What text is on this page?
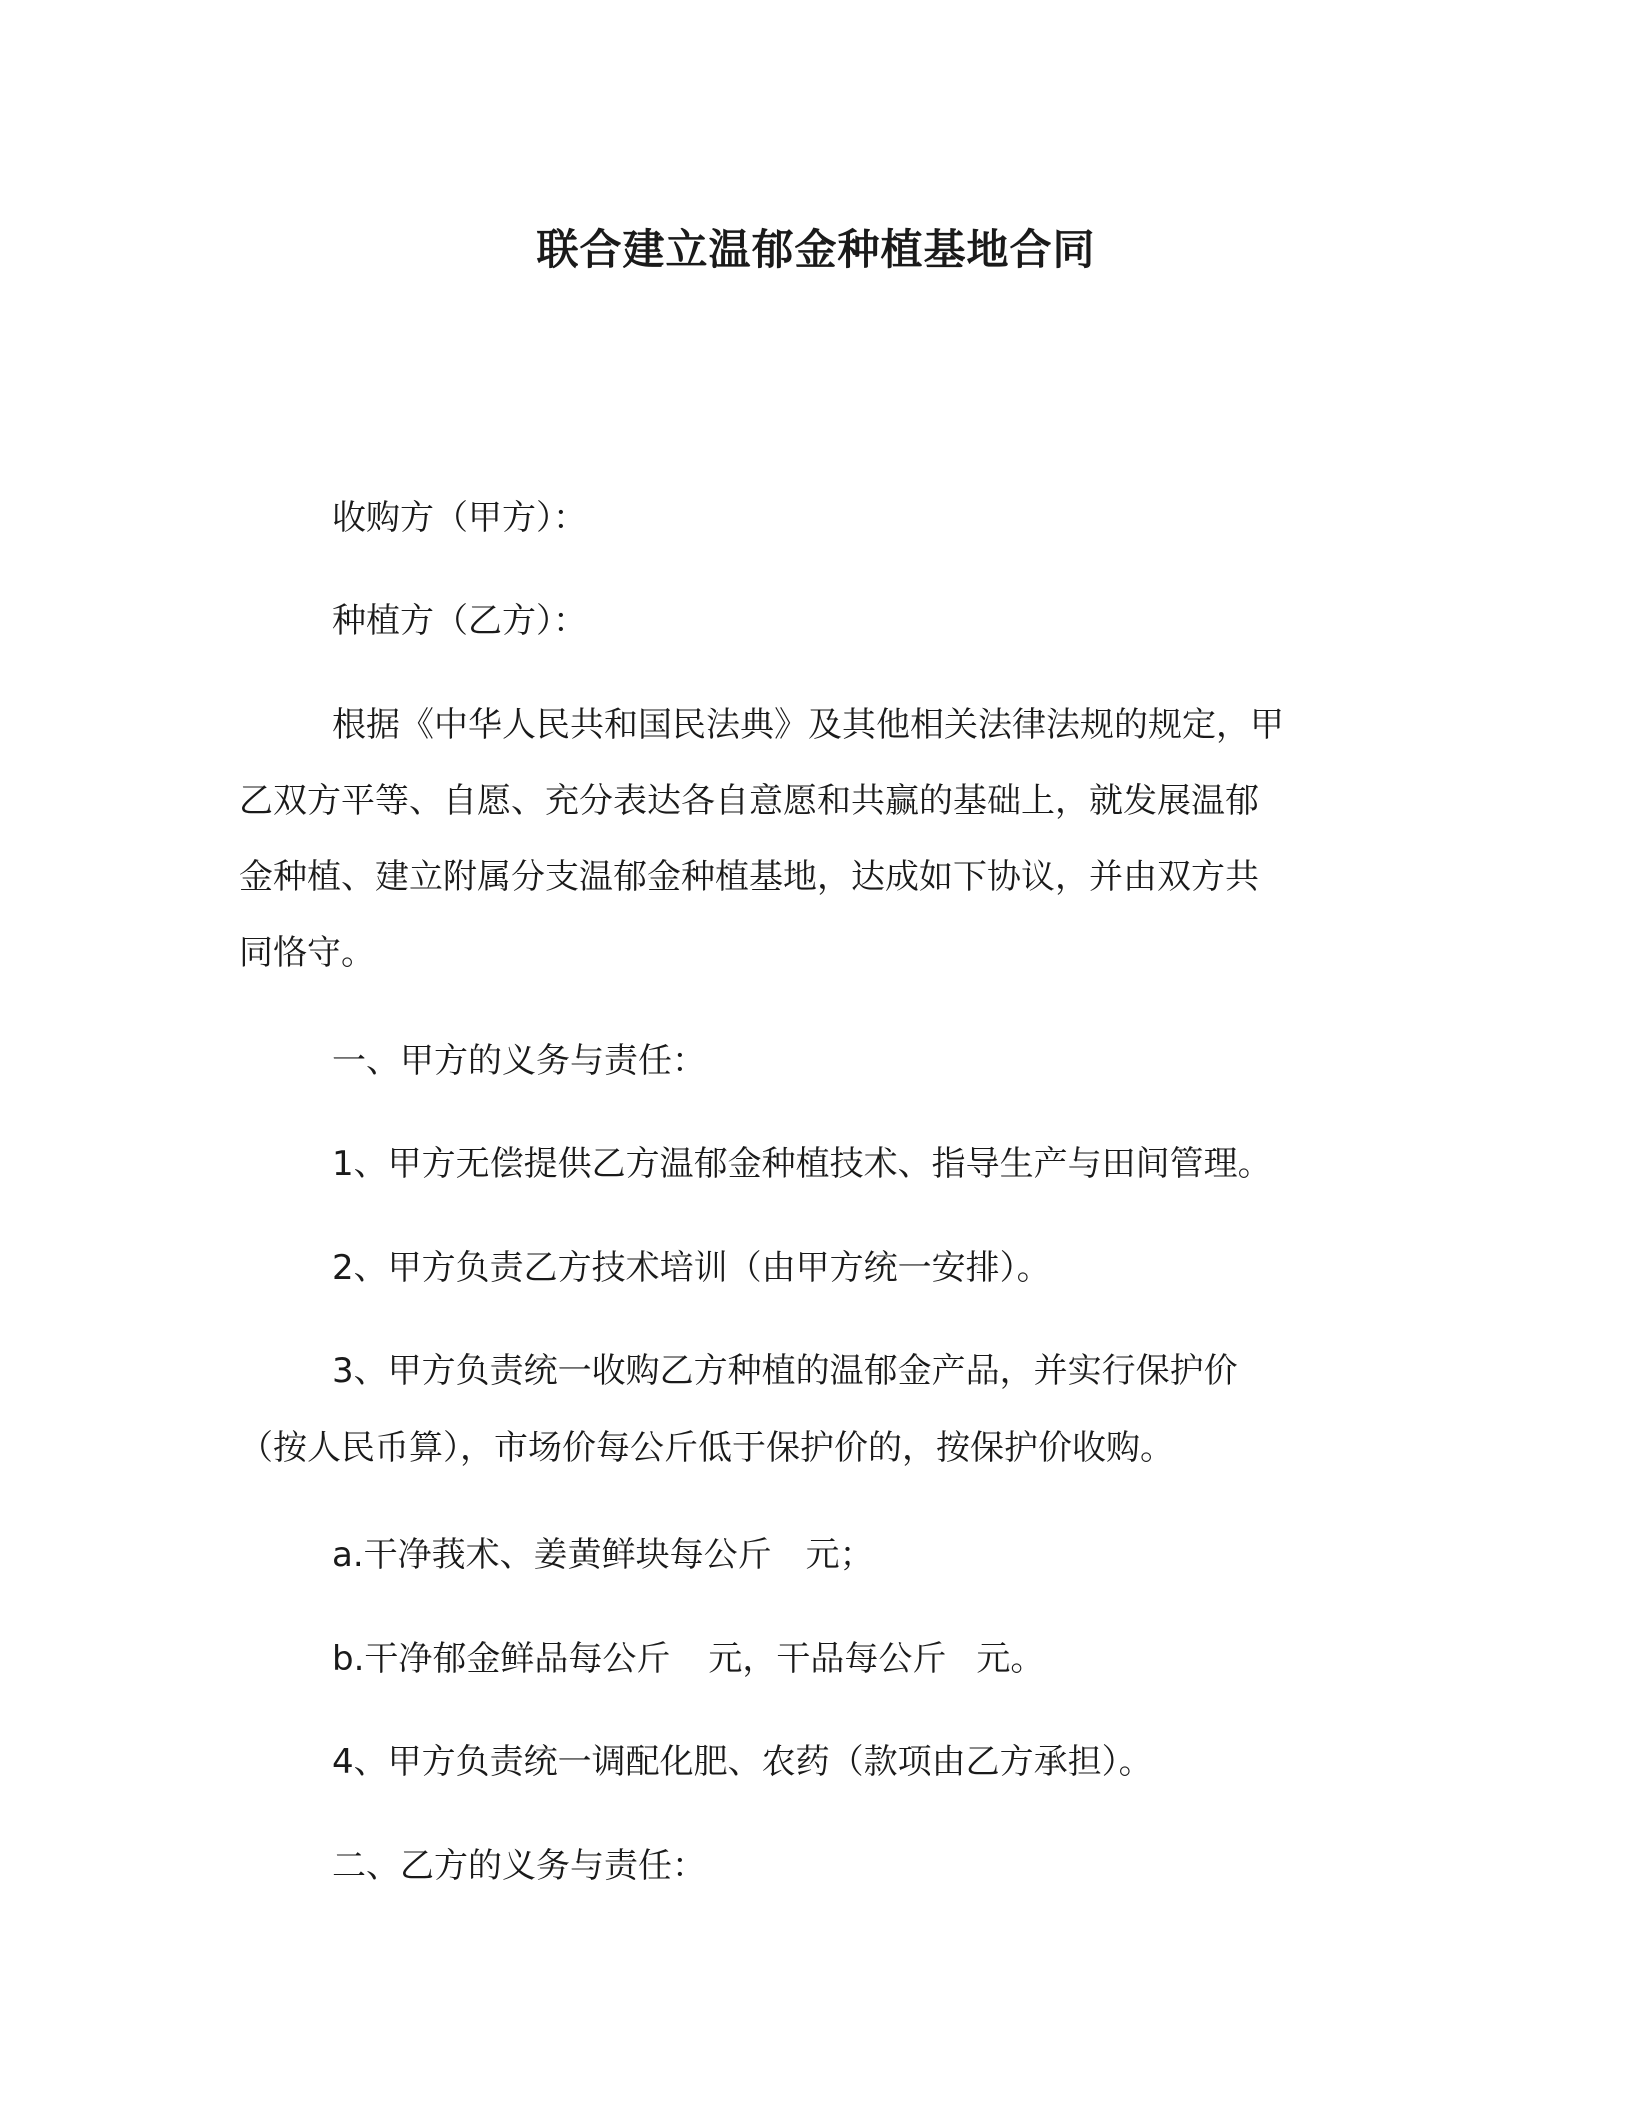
联合建立温郁金种植基地合同
收购方（甲方）：
种植方（乙方）：
根据《中华人民共和国民法典》及其他相关法律法规的规定，甲
乙双方平等、自愿、充分表达各自意愿和共赢的基础上，就发展温郁
金种植、建立附属分支温郁金种植基地，达成如下协议，并由双方共
同恪守。
一、甲方的义务与责任：
1、甲方无偿提供乙方温郁金种植技术、指导生产与田间管理。
2、甲方负责乙方技术培训（由甲方统一安排）。
3、甲方负责统一收购乙方种植的温郁金产品，并实行保护价
（按人民币算），市场价每公斤低于保护价的，按保护价收购。
a.干净莪术、姜黄鲜块每公斤 元；
b.干净郁金鲜品每公斤 元，干品每公斤 元。
4、甲方负责统一调配化肥、农药（款项由乙方承担）。
二、乙方的义务与责任：
